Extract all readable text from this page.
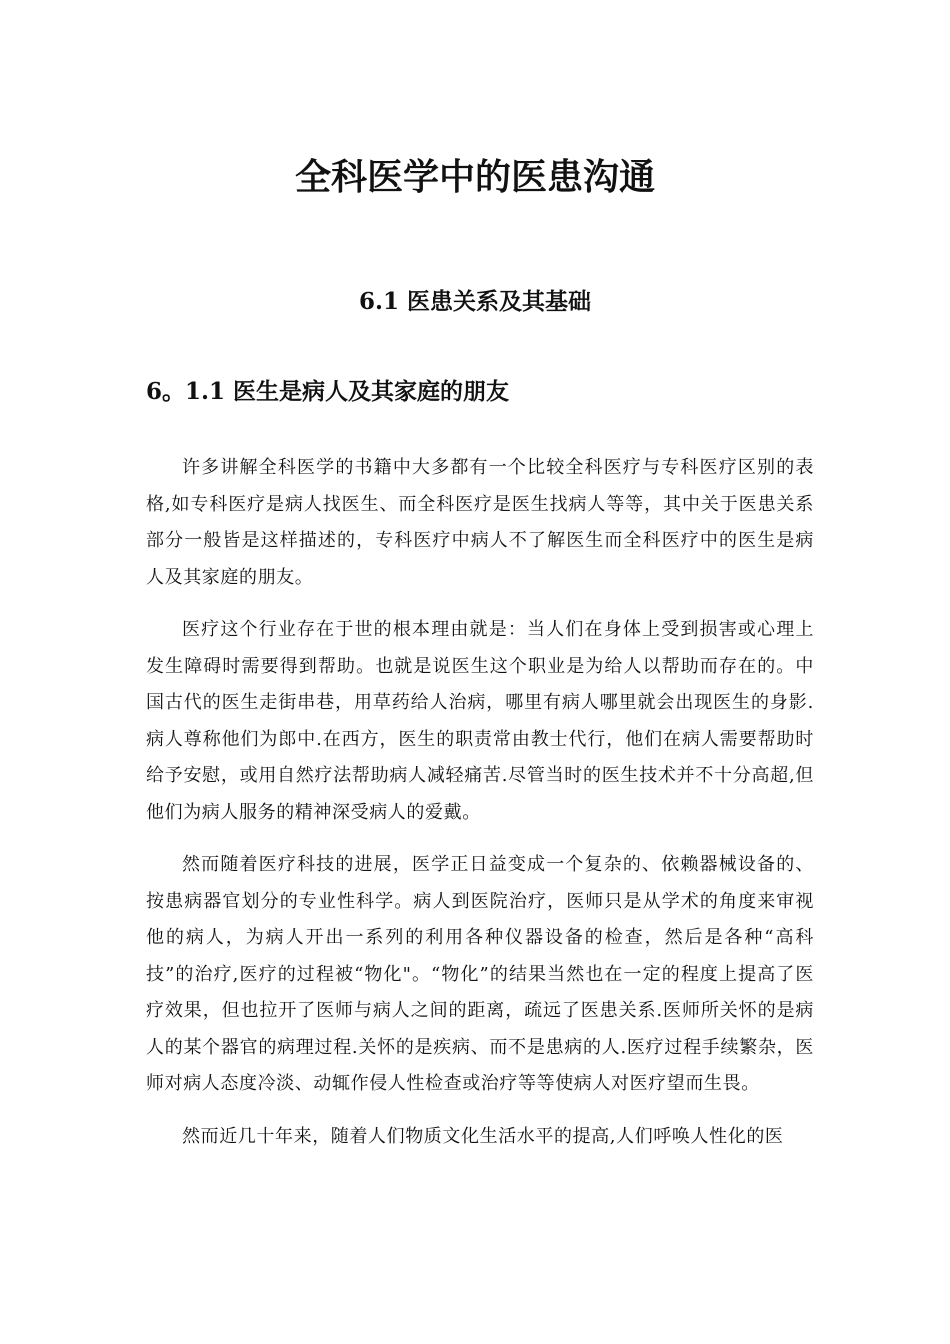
全科医学中的医患沟通
6.1 医患关系及其基础
6。1.1 医生是病人及其家庭的朋友

许多讲解全科医学的书籍中大多都有一个比较全科医疗与专科医疗区别的表格,如专科医疗是病人找医生、而全科医疗是医生找病人等等，其中关于医患关系部分一般皆是这样描述的，专科医疗中病人不了解医生而全科医疗中的医生是病人及其家庭的朋友。

医疗这个行业存在于世的根本理由就是：当人们在身体上受到损害或心理上发生障碍时需要得到帮助。也就是说医生这个职业是为给人以帮助而存在的。中国古代的医生走街串巷，用草药给人治病，哪里有病人哪里就会出现医生的身影.病人尊称他们为郎中.在西方，医生的职责常由教士代行，他们在病人需要帮助时给予安慰，或用自然疗法帮助病人减轻痛苦.尽管当时的医生技术并不十分高超,但他们为病人服务的精神深受病人的爱戴。

然而随着医疗科技的进展，医学正日益变成一个复杂的、依赖器械设备的、按患病器官划分的专业性科学。病人到医院治疗，医师只是从学术的角度来审视他的病人，为病人开出一系列的利用各种仪器设备的检查，然后是各种“高科技”的治疗,医疗的过程被“物化"。“物化”的结果当然也在一定的程度上提高了医疗效果，但也拉开了医师与病人之间的距离，疏远了医患关系.医师所关怀的是病人的某个器官的病理过程.关怀的是疾病、而不是患病的人.医疗过程手续繁杂，医师对病人态度冷淡、动辄作侵人性检查或治疗等等使病人对医疗望而生畏。

然而近几十年来，随着人们物质文化生活水平的提高,人们呼唤人性化的医
